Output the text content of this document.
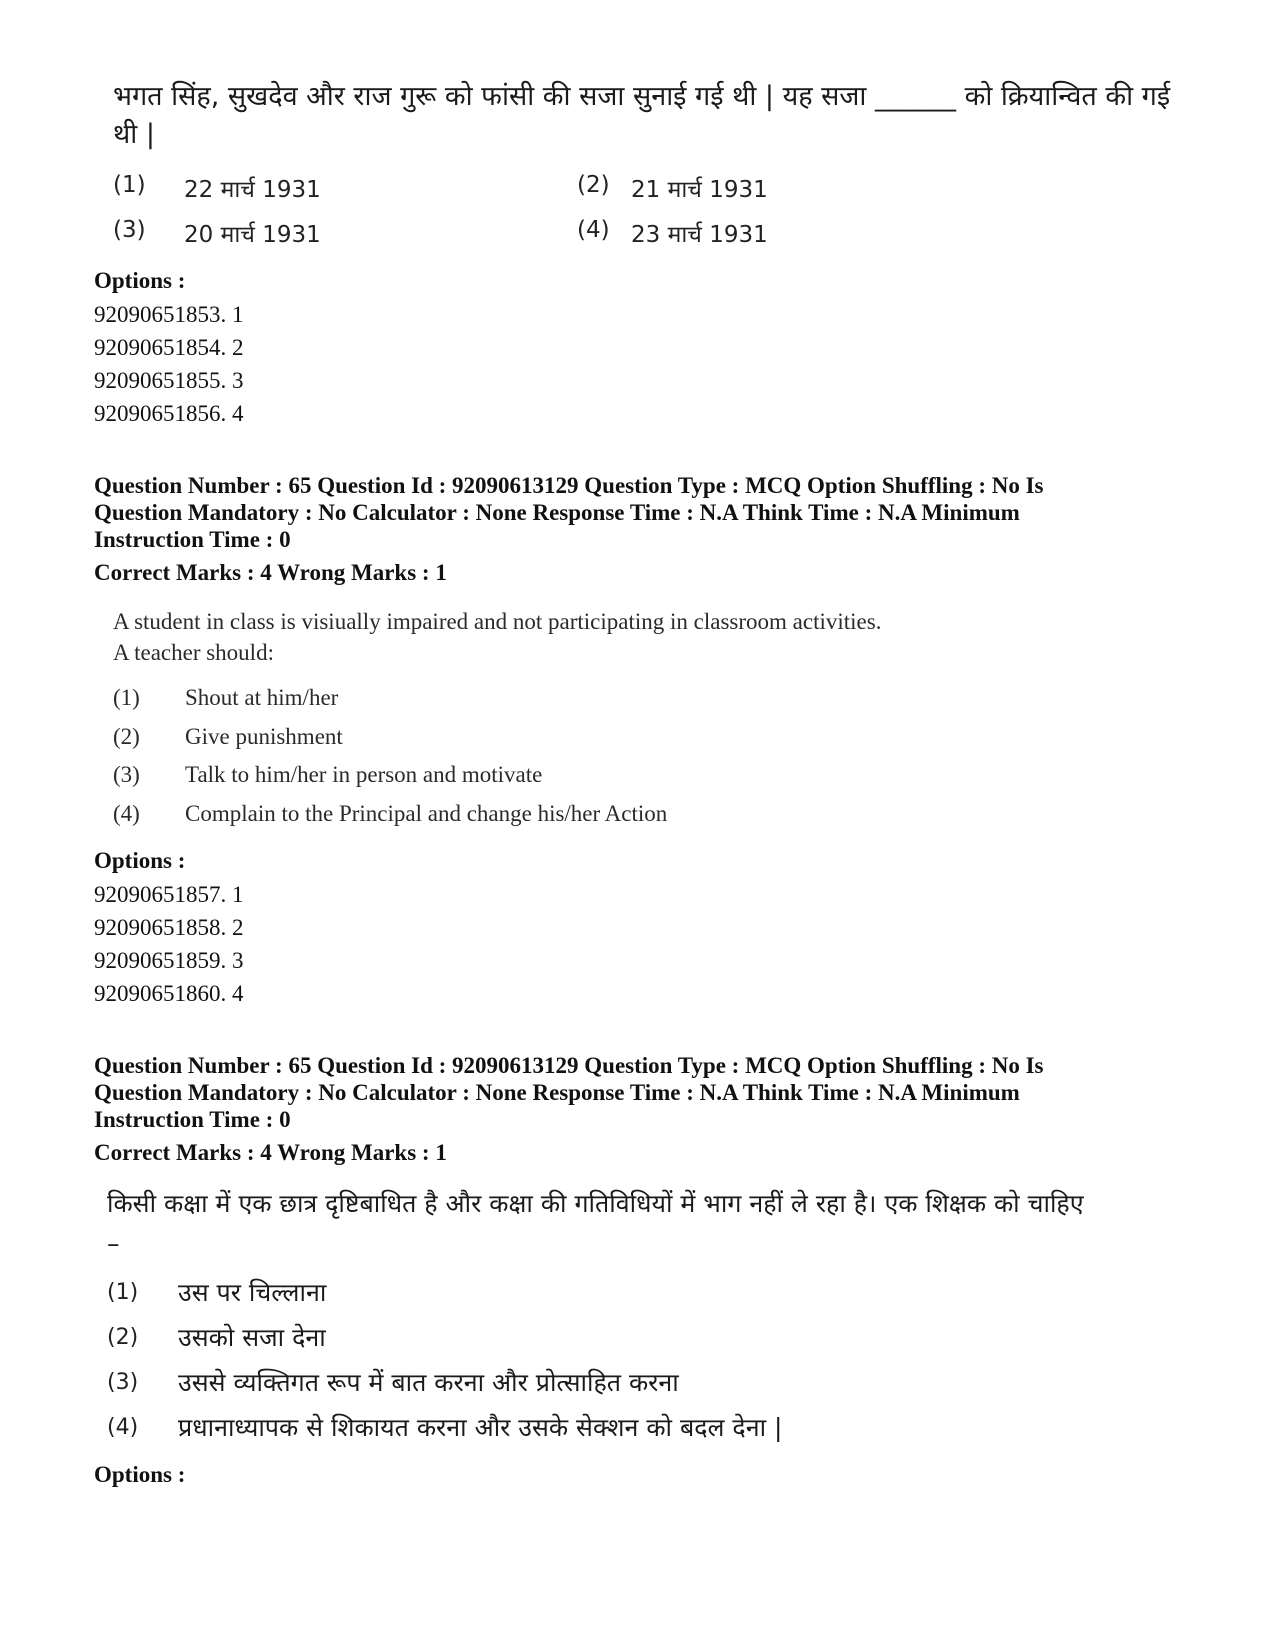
भगत सिंह, सुखदेव और राज गुरू को फांसी की सजा सुनाई गई थी | यह सजा ______ को क्रियान्वित की गई
थी |
(1) 22 मार्च 1931	(2) 21 मार्च 1931
(3) 20 मार्च 1931	(4) 23 मार्च 1931
Options :
92090651853. 1
92090651854. 2
92090651855. 3
92090651856. 4
Question Number : 65 Question Id : 92090613129 Question Type : MCQ Option Shuffling : No Is
Question Mandatory : No Calculator : None Response Time : N.A Think Time : N.A Minimum
Instruction Time : 0
Correct Marks : 4 Wrong Marks : 1
A student in class is visiually impaired and not participating in classroom activities.
A teacher should:
(1) Shout at him/her
(2) Give punishment
(3) Talk to him/her in person and motivate
(4) Complain to the Principal and change his/her Action
Options :
92090651857. 1
92090651858. 2
92090651859. 3
92090651860. 4
Question Number : 65 Question Id : 92090613129 Question Type : MCQ Option Shuffling : No Is
Question Mandatory : No Calculator : None Response Time : N.A Think Time : N.A Minimum
Instruction Time : 0
Correct Marks : 4 Wrong Marks : 1
किसी कक्षा में एक छात्र दृष्टिबाधित है और कक्षा की गतिविधियों में भाग नहीं ले रहा है। एक शिक्षक को चाहिए
–
(1) उस पर चिल्लाना
(2) उसको सजा देना
(3) उससे व्यक्तिगत रूप में बात करना और प्रोत्साहित करना
(4) प्रधानाध्यापक से शिकायत करना और उसके सेक्शन को बदल देना |
Options :
